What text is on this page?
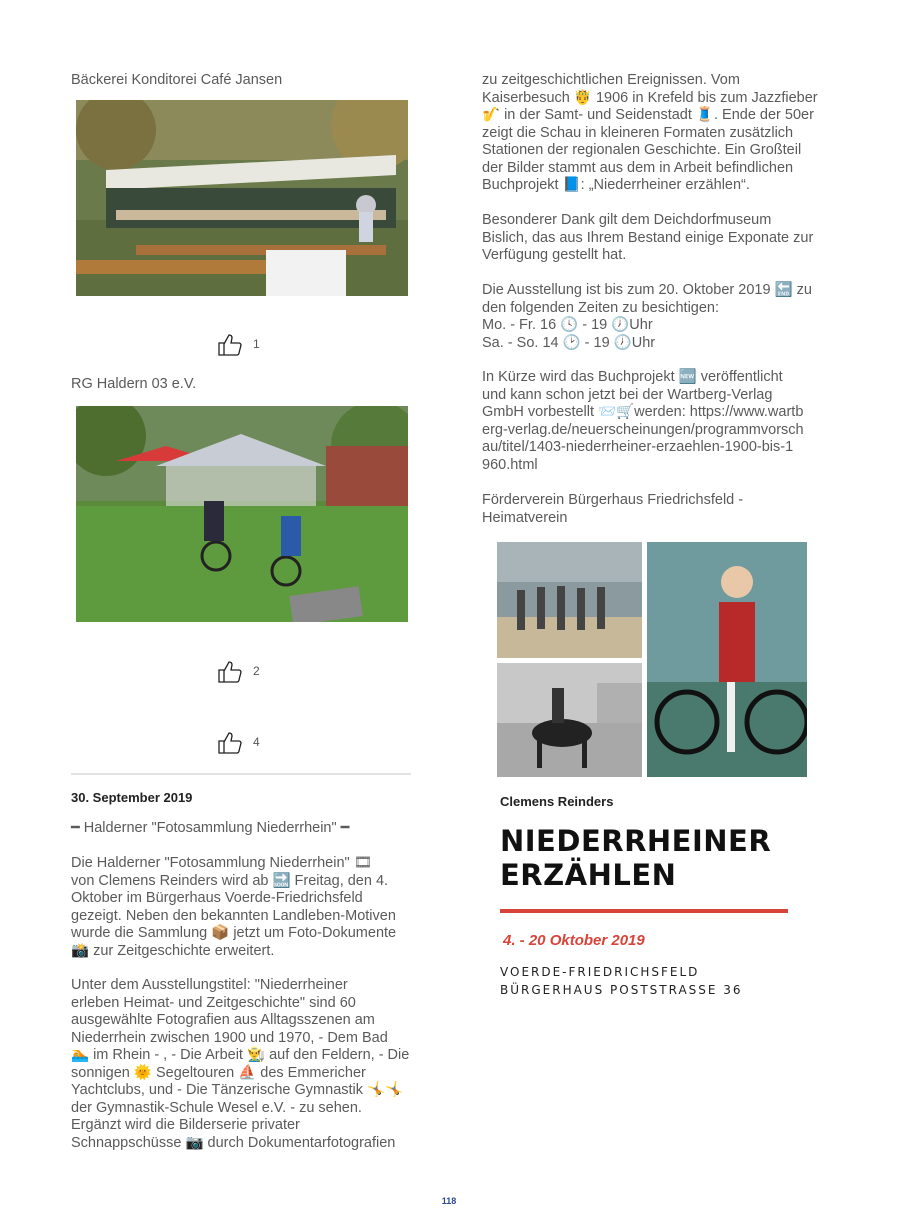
Bäckerei Konditorei Café Jansen
1
RG Haldern 03 e.V.
2
4
30. September 2019
━ Halderner "Fotosammlung Niederrhein" ━

Die Halderner "Fotosammlung Niederrhein" 🎞

von Clemens Reinders wird ab 🔜 Freitag, den 4.

Oktober im Bürgerhaus Voerde-Friedrichsfeld

gezeigt. Neben den bekannten Landleben-Motiven

wurde die Sammlung 📦 jetzt um Foto-Dokumente

📸 zur Zeitgeschichte erweitert.

Unter dem Ausstellungstitel: "Niederrheiner

erleben Heimat- und Zeitgeschichte" sind 60

ausgewählte Fotografien aus Alltagsszenen am

Niederrhein zwischen 1900 und 1970, - Dem Bad

🏊 im Rhein - , - Die Arbeit 👨‍🌾 auf den Feldern, - Die

sonnigen 🌞 Segeltouren ⛵ des Emmericher

Yachtclubs, und - Die Tänzerische Gymnastik 🤸🤸

der Gymnastik-Schule Wesel e.V. - zu sehen.

Ergänzt wird die Bilderserie privater

Schnappschüsse 📷 durch Dokumentarfotografien

zu zeitgeschichtlichen Ereignissen. Vom

Kaiserbesuch 🤴 1906 in Krefeld bis zum Jazzfieber

🎷 in der Samt- und Seidenstadt 🧵. Ende der 50er

zeigt die Schau in kleineren Formaten zusätzlich

Stationen der regionalen Geschichte. Ein Großteil

der Bilder stammt aus dem in Arbeit befindlichen

Buchprojekt 📘: „Niederrheiner erzählen“.

Besonderer Dank gilt dem Deichdorfmuseum

Bislich, das aus Ihrem Bestand einige Exponate zur

Verfügung gestellt hat.

Die Ausstellung ist bis zum 20. Oktober 2019 🔚 zu

den folgenden Zeiten zu besichtigen:

Mo. - Fr. 16 🕓 - 19 🕖Uhr

Sa. - So. 14 🕑 - 19 🕖Uhr

In Kürze wird das Buchprojekt 🆕 veröffentlicht

und kann schon jetzt bei der Wartberg-Verlag

GmbH vorbestellt 📨🛒werden: https://www.wartb

erg-verlag.de/neuerscheinungen/programmvorsch

au/titel/1403-niederrheiner-erzaehlen-1900-bis-1

960.html

Förderverein Bürgerhaus Friedrichsfeld -

Heimatverein

Clemens Reinders
NIEDERRHEINER
ERZÄHLEN
4. - 20 Oktober 2019
VOERDE-FRIEDRICHSFELD
BÜRGERHAUS POSTSTRASSE 36
118
